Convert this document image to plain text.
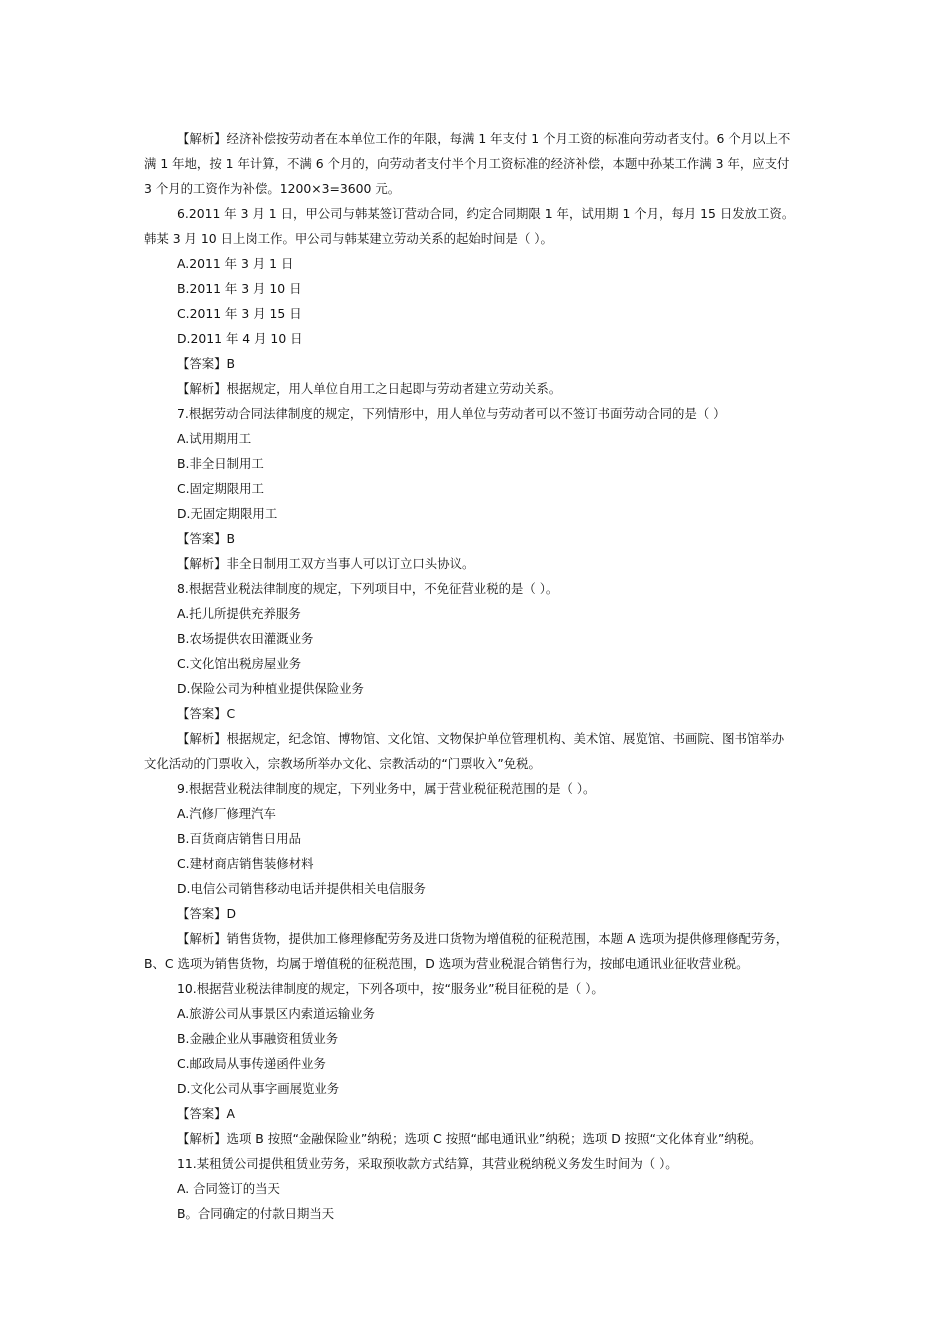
【解析】经济补偿按劳动者在本单位工作的年限，每满 1 年支付 1 个月工资的标准向劳动者支付。6 个月以上不

满 1 年地，按 1 年计算，不满 6 个月的，向劳动者支付半个月工资标准的经济补偿，本题中孙某工作满 3 年，应支付

3 个月的工资作为补偿。1200×3=3600 元。

6.2011 年 3 月 1 日，甲公司与韩某签订营动合同，约定合同期限 1 年，试用期 1 个月，每月 15 日发放工资。

韩某 3 月 10 日上岗工作。甲公司与韩某建立劳动关系的起始时间是（ ）。

A.2011 年 3 月 1 日

B.2011 年 3 月 10 日

C.2011 年 3 月 15 日

D.2011 年 4 月 10 日

【答案】B

【解析】根据规定，用人单位自用工之日起即与劳动者建立劳动关系。

7.根据劳动合同法律制度的规定，下列情形中，用人单位与劳动者可以不签订书面劳动合同的是（ ）

A.试用期用工

B.非全日制用工

C.固定期限用工

D.无固定期限用工

【答案】B

【解析】非全日制用工双方当事人可以订立口头协议。

8.根据营业税法律制度的规定，下列项目中，不免征营业税的是（ ）。

A.托儿所提供充养服务

B.农场提供农田灌溉业务

C.文化馆出税房屋业务

D.保险公司为种植业提供保险业务

【答案】C

【解析】根据规定，纪念馆、博物馆、文化馆、文物保护单位管理机构、美术馆、展览馆、书画院、图书馆举办

文化活动的门票收入，宗教场所举办文化、宗教活动的“门票收入”免税。

9.根据营业税法律制度的规定，下列业务中，属于营业税征税范围的是（ ）。

A.汽修厂修理汽车

B.百货商店销售日用品

C.建材商店销售装修材料

D.电信公司销售移动电话并提供相关电信服务

【答案】D

【解析】销售货物，提供加工修理修配劳务及进口货物为增值税的征税范围，本题 A 选项为提供修理修配劳务，

B、C 选项为销售货物，均属于增值税的征税范围，D 选项为营业税混合销售行为，按邮电通讯业征收营业税。

10.根据营业税法律制度的规定，下列各项中，按“服务业”税目征税的是（ ）。

A.旅游公司从事景区内索道运输业务

B.金融企业从事融资租赁业务

C.邮政局从事传递函件业务

D.文化公司从事字画展览业务

【答案】A

【解析】选项 B 按照“金融保险业”纳税；选项 C 按照“邮电通讯业”纳税；选项 D 按照“文化体育业”纳税。

11.某租赁公司提供租赁业劳务，采取预收款方式结算，其营业税纳税义务发生时间为（ ）。

A. 合同签订的当天

B。合同确定的付款日期当天
